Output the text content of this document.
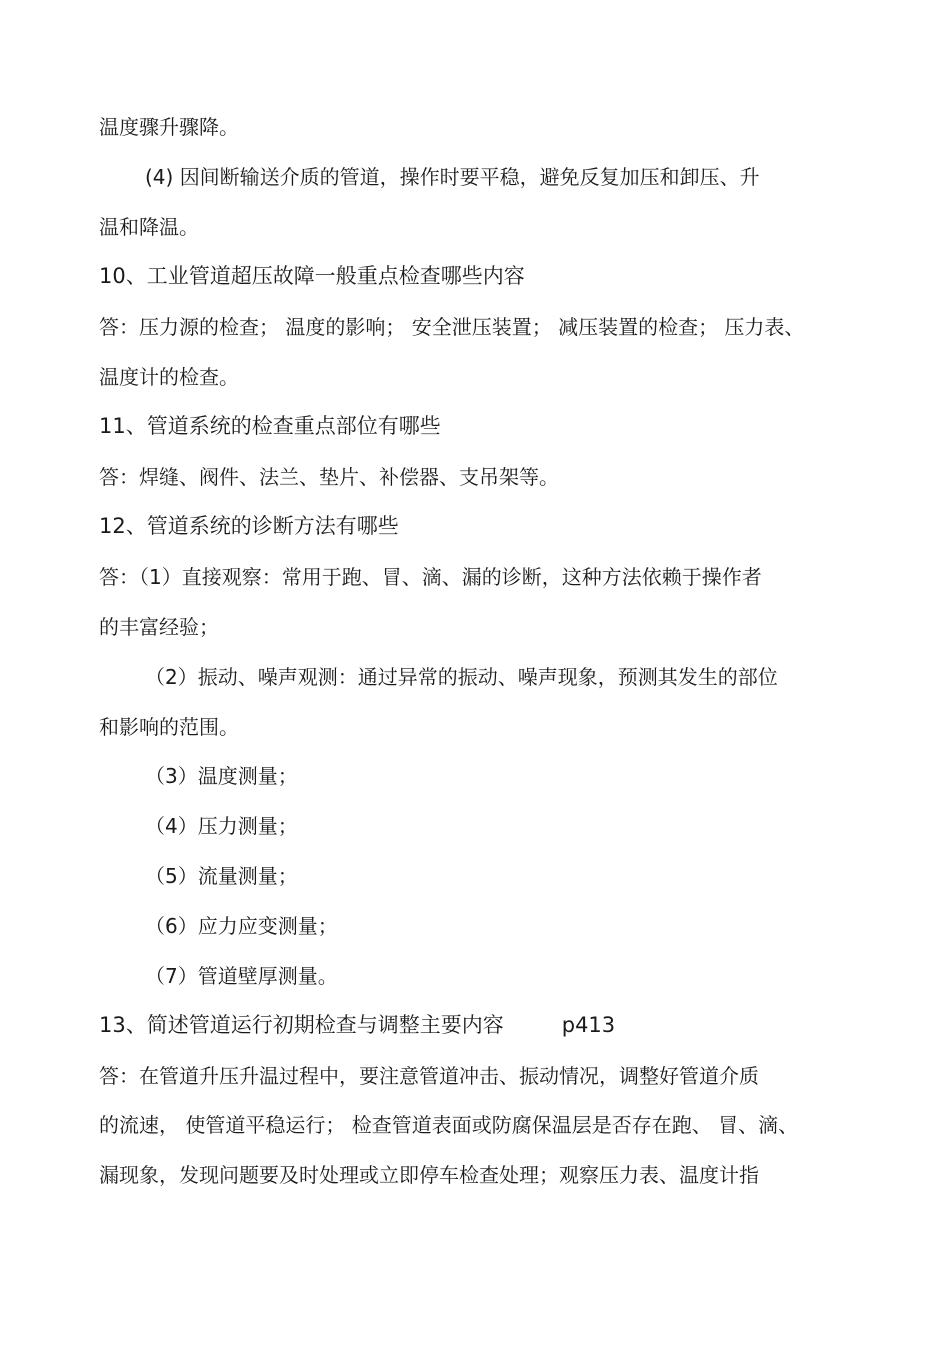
温度骤升骤降。
(4) 因间断输送介质的管道，操作时要平稳，避免反复加压和卸压、升
温和降温。
10、工业管道超压故障一般重点检查哪些内容
答：压力源的检查； 温度的影响； 安全泄压装置； 减压装置的检查； 压力表、
温度计的检查。
11、管道系统的检查重点部位有哪些
答：焊缝、阀件、法兰、垫片、补偿器、支吊架等。
12、管道系统的诊断方法有哪些
答：（1）直接观察：常用于跑、冒、滴、漏的诊断，这种方法依赖于操作者
的丰富经验；
（2）振动、噪声观测：通过异常的振动、噪声现象，预测其发生的部位
和影响的范围。
（3）温度测量；
（4）压力测量；
（5）流量测量；
（6）应力应变测量；
（7）管道壁厚测量。
13、简述管道运行初期检查与调整主要内容	p413
答：在管道升压升温过程中，要注意管道冲击、振动情况，调整好管道介质
的流速， 使管道平稳运行； 检查管道表面或防腐保温层是否存在跑、 冒、滴、
漏现象，发现问题要及时处理或立即停车检查处理；观察压力表、温度计指
